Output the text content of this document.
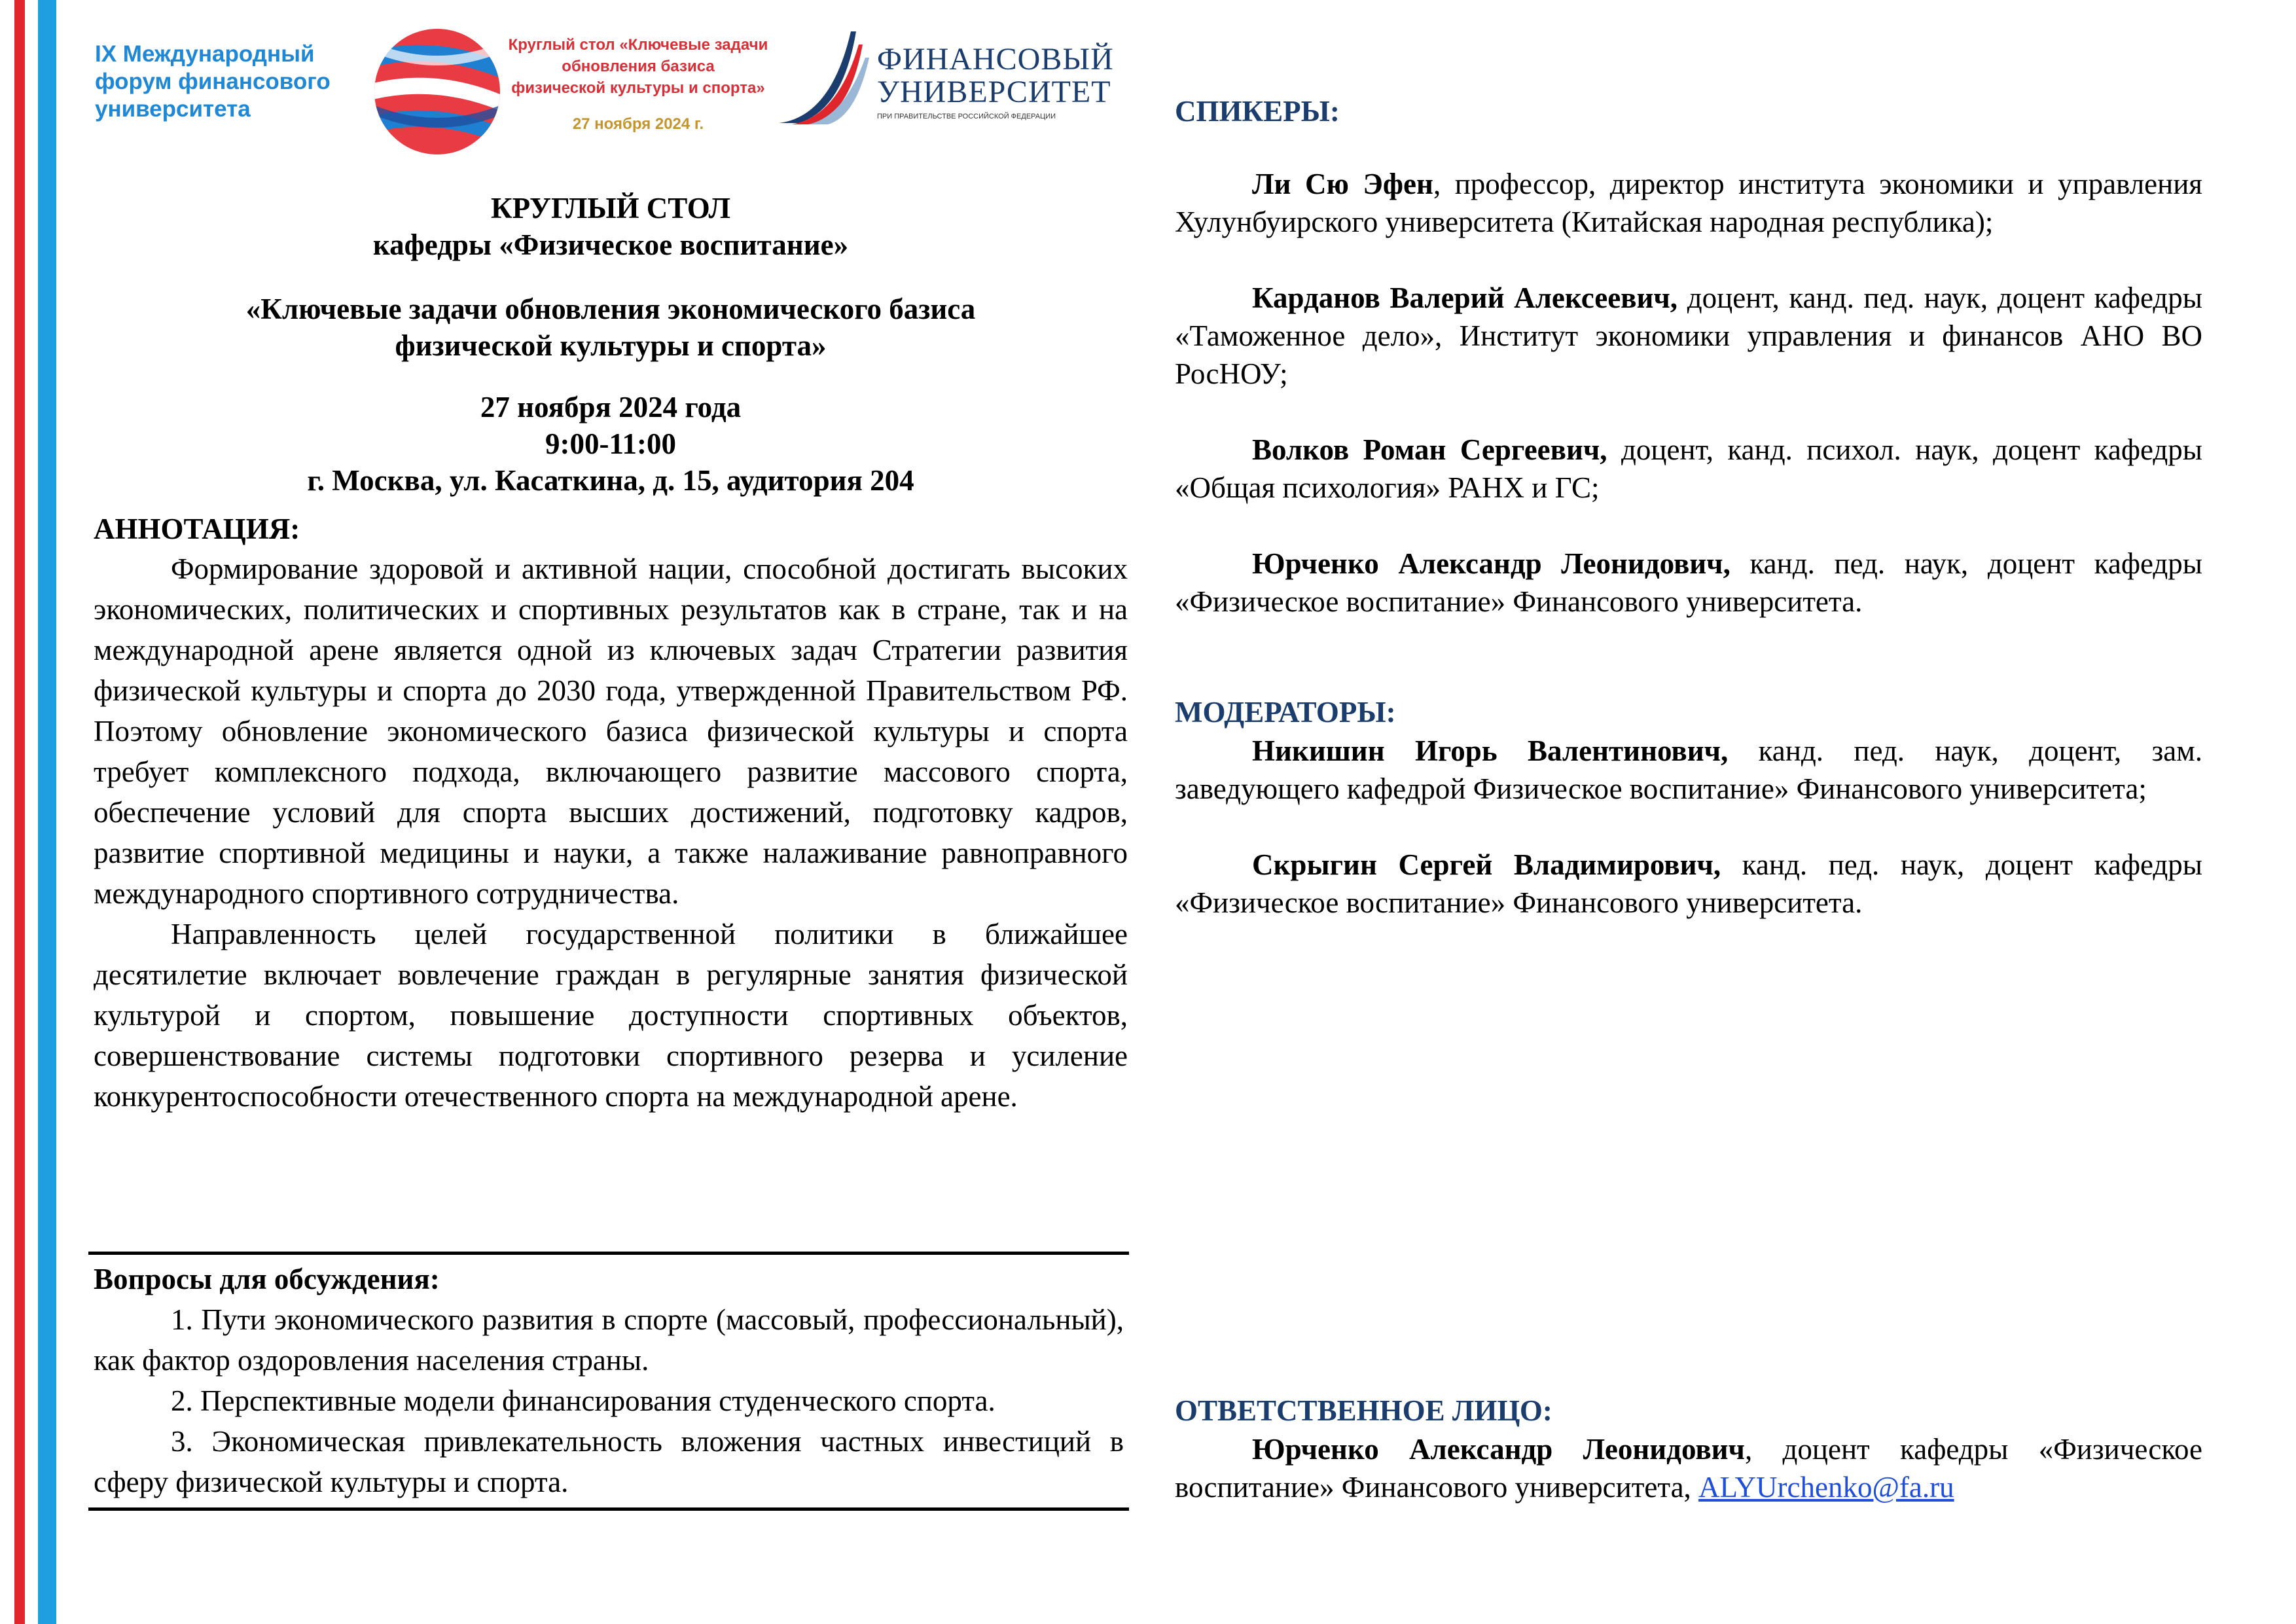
IX Международный
форум финансового
университета
Круглый стол «Ключевые задачи
обновления базиса
физической культуры и спорта»
27 ноября 2024 г.
ФИНАНСОВЫЙ
УНИВЕРСИТЕТ
ПРИ ПРАВИТЕЛЬСТВЕ РОССИЙСКОЙ ФЕДЕРАЦИИ
КРУГЛЫЙ СТОЛ
кафедры «Физическое воспитание»
«Ключевые задачи обновления экономического базиса
физической культуры и спорта»
27 ноября 2024 года
9:00-11:00
г. Москва, ул. Касаткина, д. 15, аудитория 204
АННОТАЦИЯ:

Формирование здоровой и активной нации, способной достигать высоких экономических, политических и спортивных результатов как в стране, так и на международной арене является одной из ключевых задач Стратегии развития физической культуры и спорта до 2030 года, утвержденной Правительством РФ. Поэтому обновление экономического базиса физической культуры и спорта требует комплексного подхода, включающего развитие массового спорта, обеспечение условий для спорта высших достижений, подготовку кадров, развитие спортивной медицины и науки, а также налаживание равноправного международного спортивного сотрудничества.

Направленность целей государственной политики в ближайшее десятилетие включает вовлечение граждан в регулярные занятия физической культурой и спортом, повышение доступности спортивных объектов, совершенствование системы подготовки спортивного резерва и усиление конкурентоспособности отечественного спорта на международной арене.

Вопросы для обсуждения:

1. Пути экономического развития в спорте (массовый, профессиональный), как фактор оздоровления населения страны.

2. Перспективные модели финансирования студенческого спорта.

3. Экономическая привлекательность вложения частных инвестиций в сферу физической культуры и спорта.

СПИКЕРЫ:

Ли Сю Эфен, профессор, директор института экономики и управления Хулунбуирского университета (Китайская народная республика);

Карданов Валерий Алексеевич, доцент, канд. пед. наук, доцент кафедры «Таможенное дело», Институт экономики управления и финансов АНО ВО РосНОУ;

Волков Роман Сергеевич, доцент, канд. психол. наук, доцент кафедры «Общая психология» РАНХ и ГС;

Юрченко Александр Леонидович, канд. пед. наук, доцент кафедры «Физическое воспитание» Финансового университета.

МОДЕРАТОРЫ:

Никишин Игорь Валентинович, канд. пед. наук, доцент, зам. заведующего кафедрой Физическое воспитание» Финансового университета;

Скрыгин Сергей Владимирович, канд. пед. наук, доцент кафедры «Физическое воспитание» Финансового университета.

ОТВЕТСТВЕННОЕ ЛИЦО:

Юрченко Александр Леонидович, доцент кафедры «Физическое воспитание» Финансового университета, ALYUrchenko@fa.ru
